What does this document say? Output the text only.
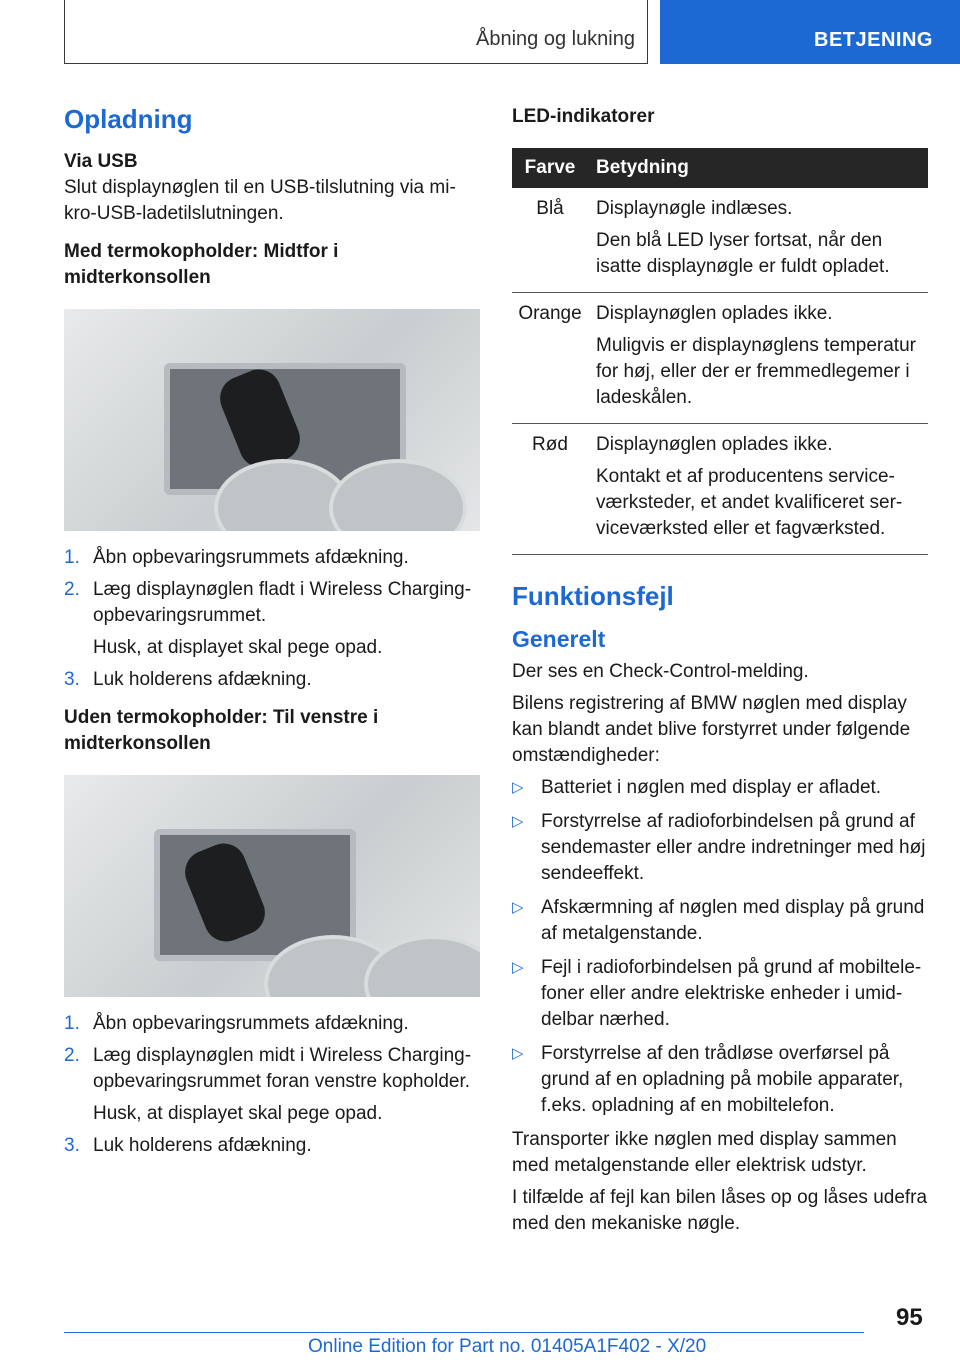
Åbning og lukning	BETJENING
Opladning

Via USB

Slut displaynøglen til en USB-tilslutning via mi-kro-USB-ladetilslutningen.

Med termokopholder: Midtfor i midterkonsollen

1. Åbn opbevaringsrummets afdækning.
2. Læg displaynøglen fladt i Wireless Charging-opbevaringsrummet.
Husk, at displayet skal pege opad.
3. Luk holderens afdækning.

Uden termokopholder: Til venstre i midterkonsollen

1. Åbn opbevaringsrummets afdækning.
2. Læg displaynøglen midt i Wireless Charging-opbevaringsrummet foran venstre kopholder.
Husk, at displayet skal pege opad.
3. Luk holderens afdækning.

LED-indikatorer

Farve	Betydning
Blå	Displaynøgle indlæses.
Den blå LED lyser fortsat, når den isatte displaynøgle er fuldt opladet.

Orange	Displaynøglen oplades ikke.
Muligvis er displaynøglens temperatur for høj, eller der er fremmedlegemer i ladeskålen.

Rød	Displaynøglen oplades ikke.
Kontakt et af producentens service-værksteder, et andet kvalificeret ser-viceværksted eller et fagværksted.
Funktionsfejl
Generelt

Der ses en Check-Control-melding.

Bilens registrering af BMW nøglen med display kan blandt andet blive forstyrret under følgende omstændigheder:

▷ Batteriet i nøglen med display er afladet.
▷ Forstyrrelse af radioforbindelsen på grund af sendemaster eller andre indretninger med høj sendeeffekt.
▷ Afskærmning af nøglen med display på grund af metalgenstande.
▷ Fejl i radioforbindelsen på grund af mobiltele-foner eller andre elektriske enheder i umid-delbar nærhed.
▷ Forstyrrelse af den trådløse overførsel på grund af en opladning på mobile apparater, f.eks. opladning af en mobiltelefon.

Transporter ikke nøglen med display sammen med metalgenstande eller elektrisk udstyr.

I tilfælde af fejl kan bilen låses op og låses udefra med den mekaniske nøgle.

95
Online Edition for Part no. 01405A1F402 - X/20
